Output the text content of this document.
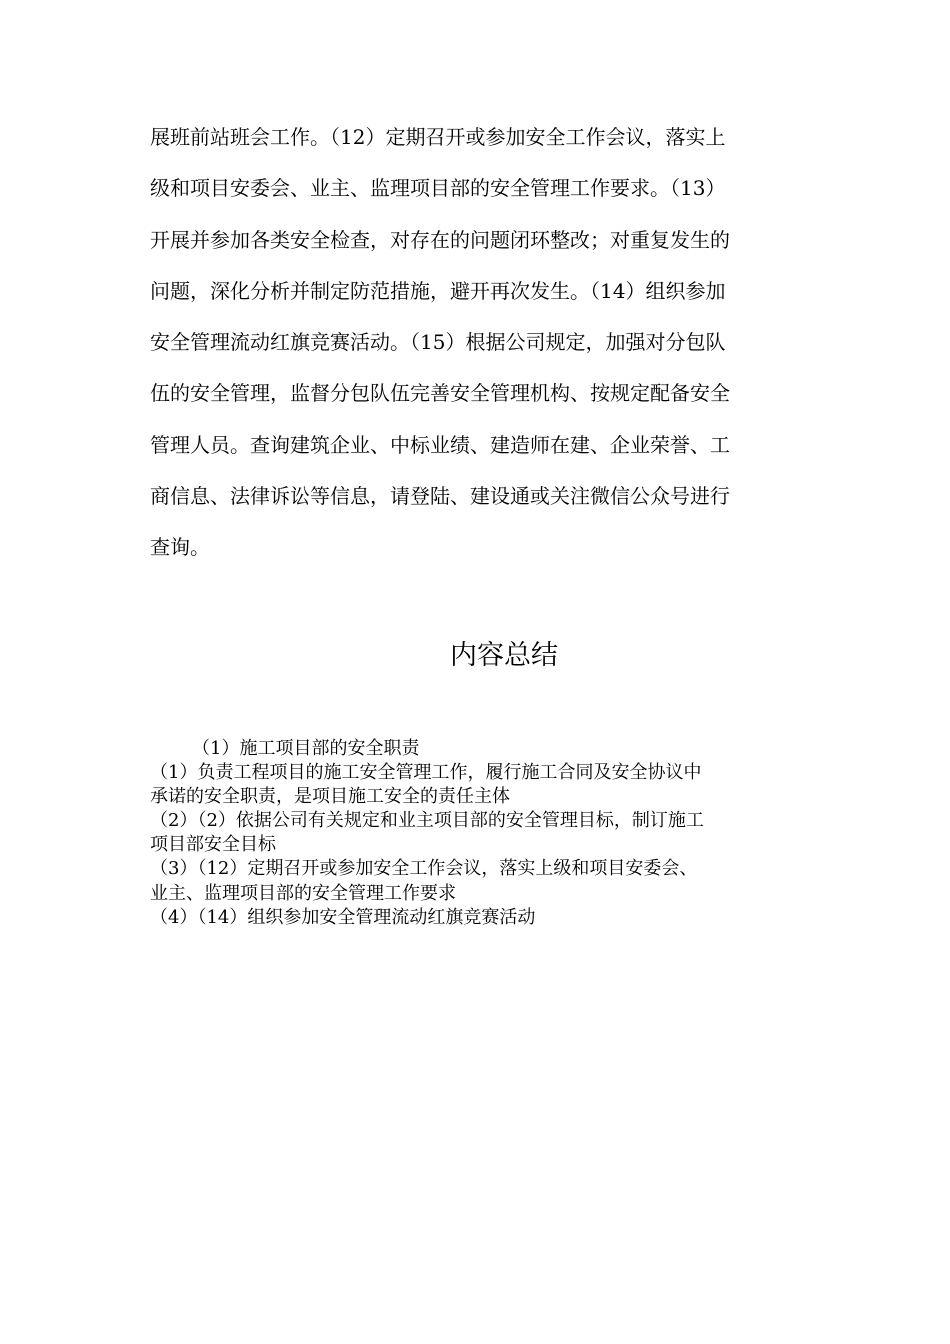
展班前站班会工作。（12）定期召开或参加安全工作会议，落实上
级和项目安委会、业主、监理项目部的安全管理工作要求。（13）
开展并参加各类安全检查，对存在的问题闭环整改；对重复发生的
问题，深化分析并制定防范措施，避开再次发生。（14）组织参加
安全管理流动红旗竞赛活动。（15）根据公司规定，加强对分包队
伍的安全管理，监督分包队伍完善安全管理机构、按规定配备安全
管理人员。查询建筑企业、中标业绩、建造师在建、企业荣誉、工
商信息、法律诉讼等信息，请登陆、建设通或关注微信公众号进行
查询。
内容总结
（1）施工项目部的安全职责
（1）负责工程项目的施工安全管理工作，履行施工合同及安全协议中
承诺的安全职责，是项目施工安全的责任主体
（2）（2）依据公司有关规定和业主项目部的安全管理目标，制订施工
项目部安全目标
（3）（12）定期召开或参加安全工作会议，落实上级和项目安委会、
业主、监理项目部的安全管理工作要求
（4）（14）组织参加安全管理流动红旗竞赛活动
